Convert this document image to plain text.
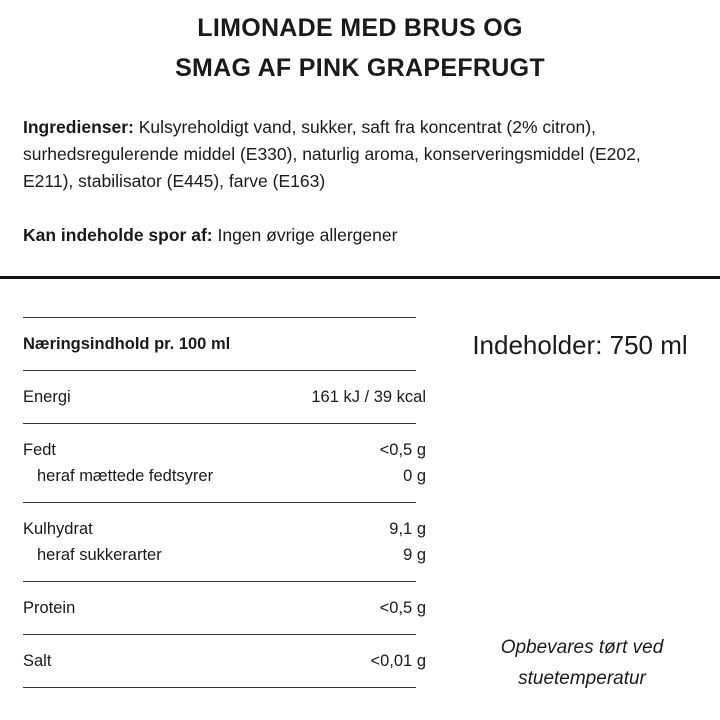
LIMONADE MED BRUS OG
SMAG AF PINK GRAPEFRUGT
Ingredienser: Kulsyreholdigt vand, sukker, saft fra koncentrat (2% citron), surhedsregulerende middel (E330), naturlig aroma, konserveringsmiddel (E202, E211), stabilisator (E445), farve (E163)
Kan indeholde spor af: Ingen øvrige allergener
Næringsindhold pr. 100 ml
Energi	161 kJ / 39 kcal
Fedt	<0,5 g
heraf mættede fedtsyrer	0 g
Kulhydrat	9,1 g
heraf sukkerarter	9 g
Protein	<0,5 g
Salt	<0,01 g
Indeholder: 750 ml
Opbevares tørt ved
stuetemperatur
